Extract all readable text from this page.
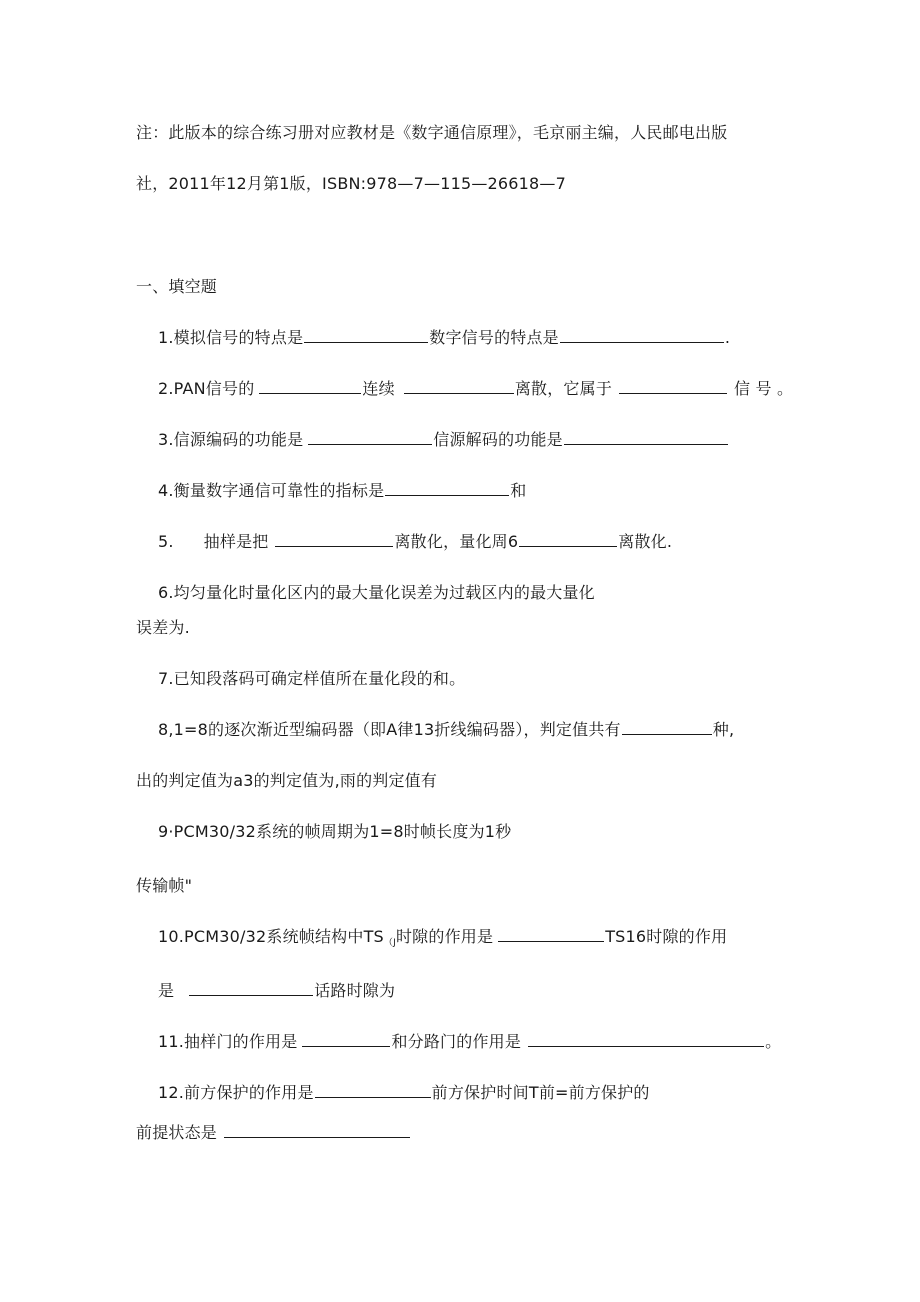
注：此版本的综合练习册对应教材是《数字通信原理》，毛京丽主编，人民邮电出版
社，2011年12月第1版，ISBN:978—7—115—26618—7
一、填空题
1.模拟信号的特点是	数字信号的特点是	.
2.PAN信号的	连续	离散，它属于	信 号 。
3.信源编码的功能是	信源解码的功能是
4.衡量数字通信可靠性的指标是	和
5. 抽样是把	离散化，量化周6	离散化.
6.均匀量化时量化区内的最大量化误差为过载区内的最大量化
误差为.
7.已知段落码可确定样值所在量化段的和。
8,1=8的逐次渐近型编码器（即A律13折线编码器），判定值共有	种,
出的判定值为a3的判定值为,雨的判定值有
9·PCM30/32系统的帧周期为1=8时帧长度为1秒
传输帧"
10.PCM30/32系统帧结构中$TS_{(J}$时隙的作用是	TS16时隙的作用
是	话路时隙为
11.抽样门的作用是	和分路门的作用是	。
12.前方保护的作用是	前方保护时间T前=前方保护的
前提状态是
